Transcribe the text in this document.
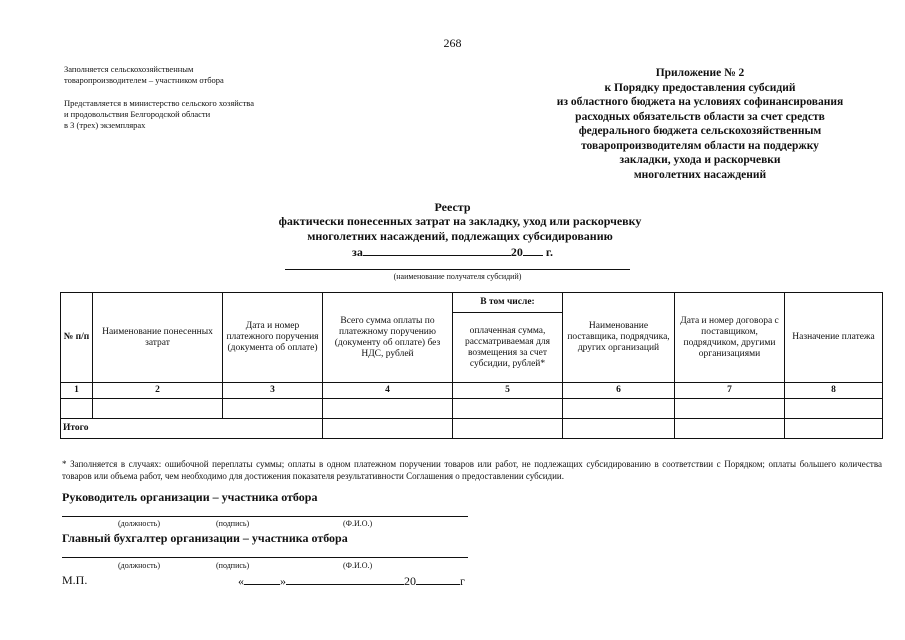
268
Заполняется сельскохозяйственным
товаропроизводителем – участником отбора
Представляется в министерство сельского хозяйства
и продовольствия Белгородской области
в 3 (трех) экземплярах
Приложение № 2
к Порядку предоставления субсидий
из областного бюджета на условиях софинансирования
расходных обязательств области за счет средств
федерального бюджета сельскохозяйственным
товаропроизводителям области на поддержку
закладки, ухода и раскорчевки
многолетних насаждений
Реестр
фактически понесенных затрат на закладку, уход или раскорчевку
многолетних насаждений, подлежащих субсидированию
за	20 г.
(наименование получателя субсидий)
№ п/п	Наименование понесенных затрат	Дата и номер платежного поручения (документа об оплате)	Всего сумма оплаты по платежному поручению (документу об оплате) без НДС, рублей	В том числе:	Наименование поставщика, подрядчика, других организаций	Дата и номер договора с поставщиком, подрядчиком, другими организациями	Назначение платежа
				оплаченная сумма, рассматриваемая для возмещения за счет субсидии, рублей*			
1	2	3	4	5	6	7	8

Итого							
* Заполняется в случаях: ошибочной переплаты суммы; оплаты в одном платежном поручении товаров или работ, не подлежащих субсидированию в соответствии с Порядком; оплаты большего количества товаров или объема работ, чем необходимо для достижения показателя результативности Соглашения о предоставлении субсидии.
Руководитель организации – участника отбора
(должность)	(подпись)	(Ф.И.О.)
Главный бухгалтер организации – участника отбора
(должность)	(подпись)	(Ф.И.О.)
М.П.	«	»	20	г
